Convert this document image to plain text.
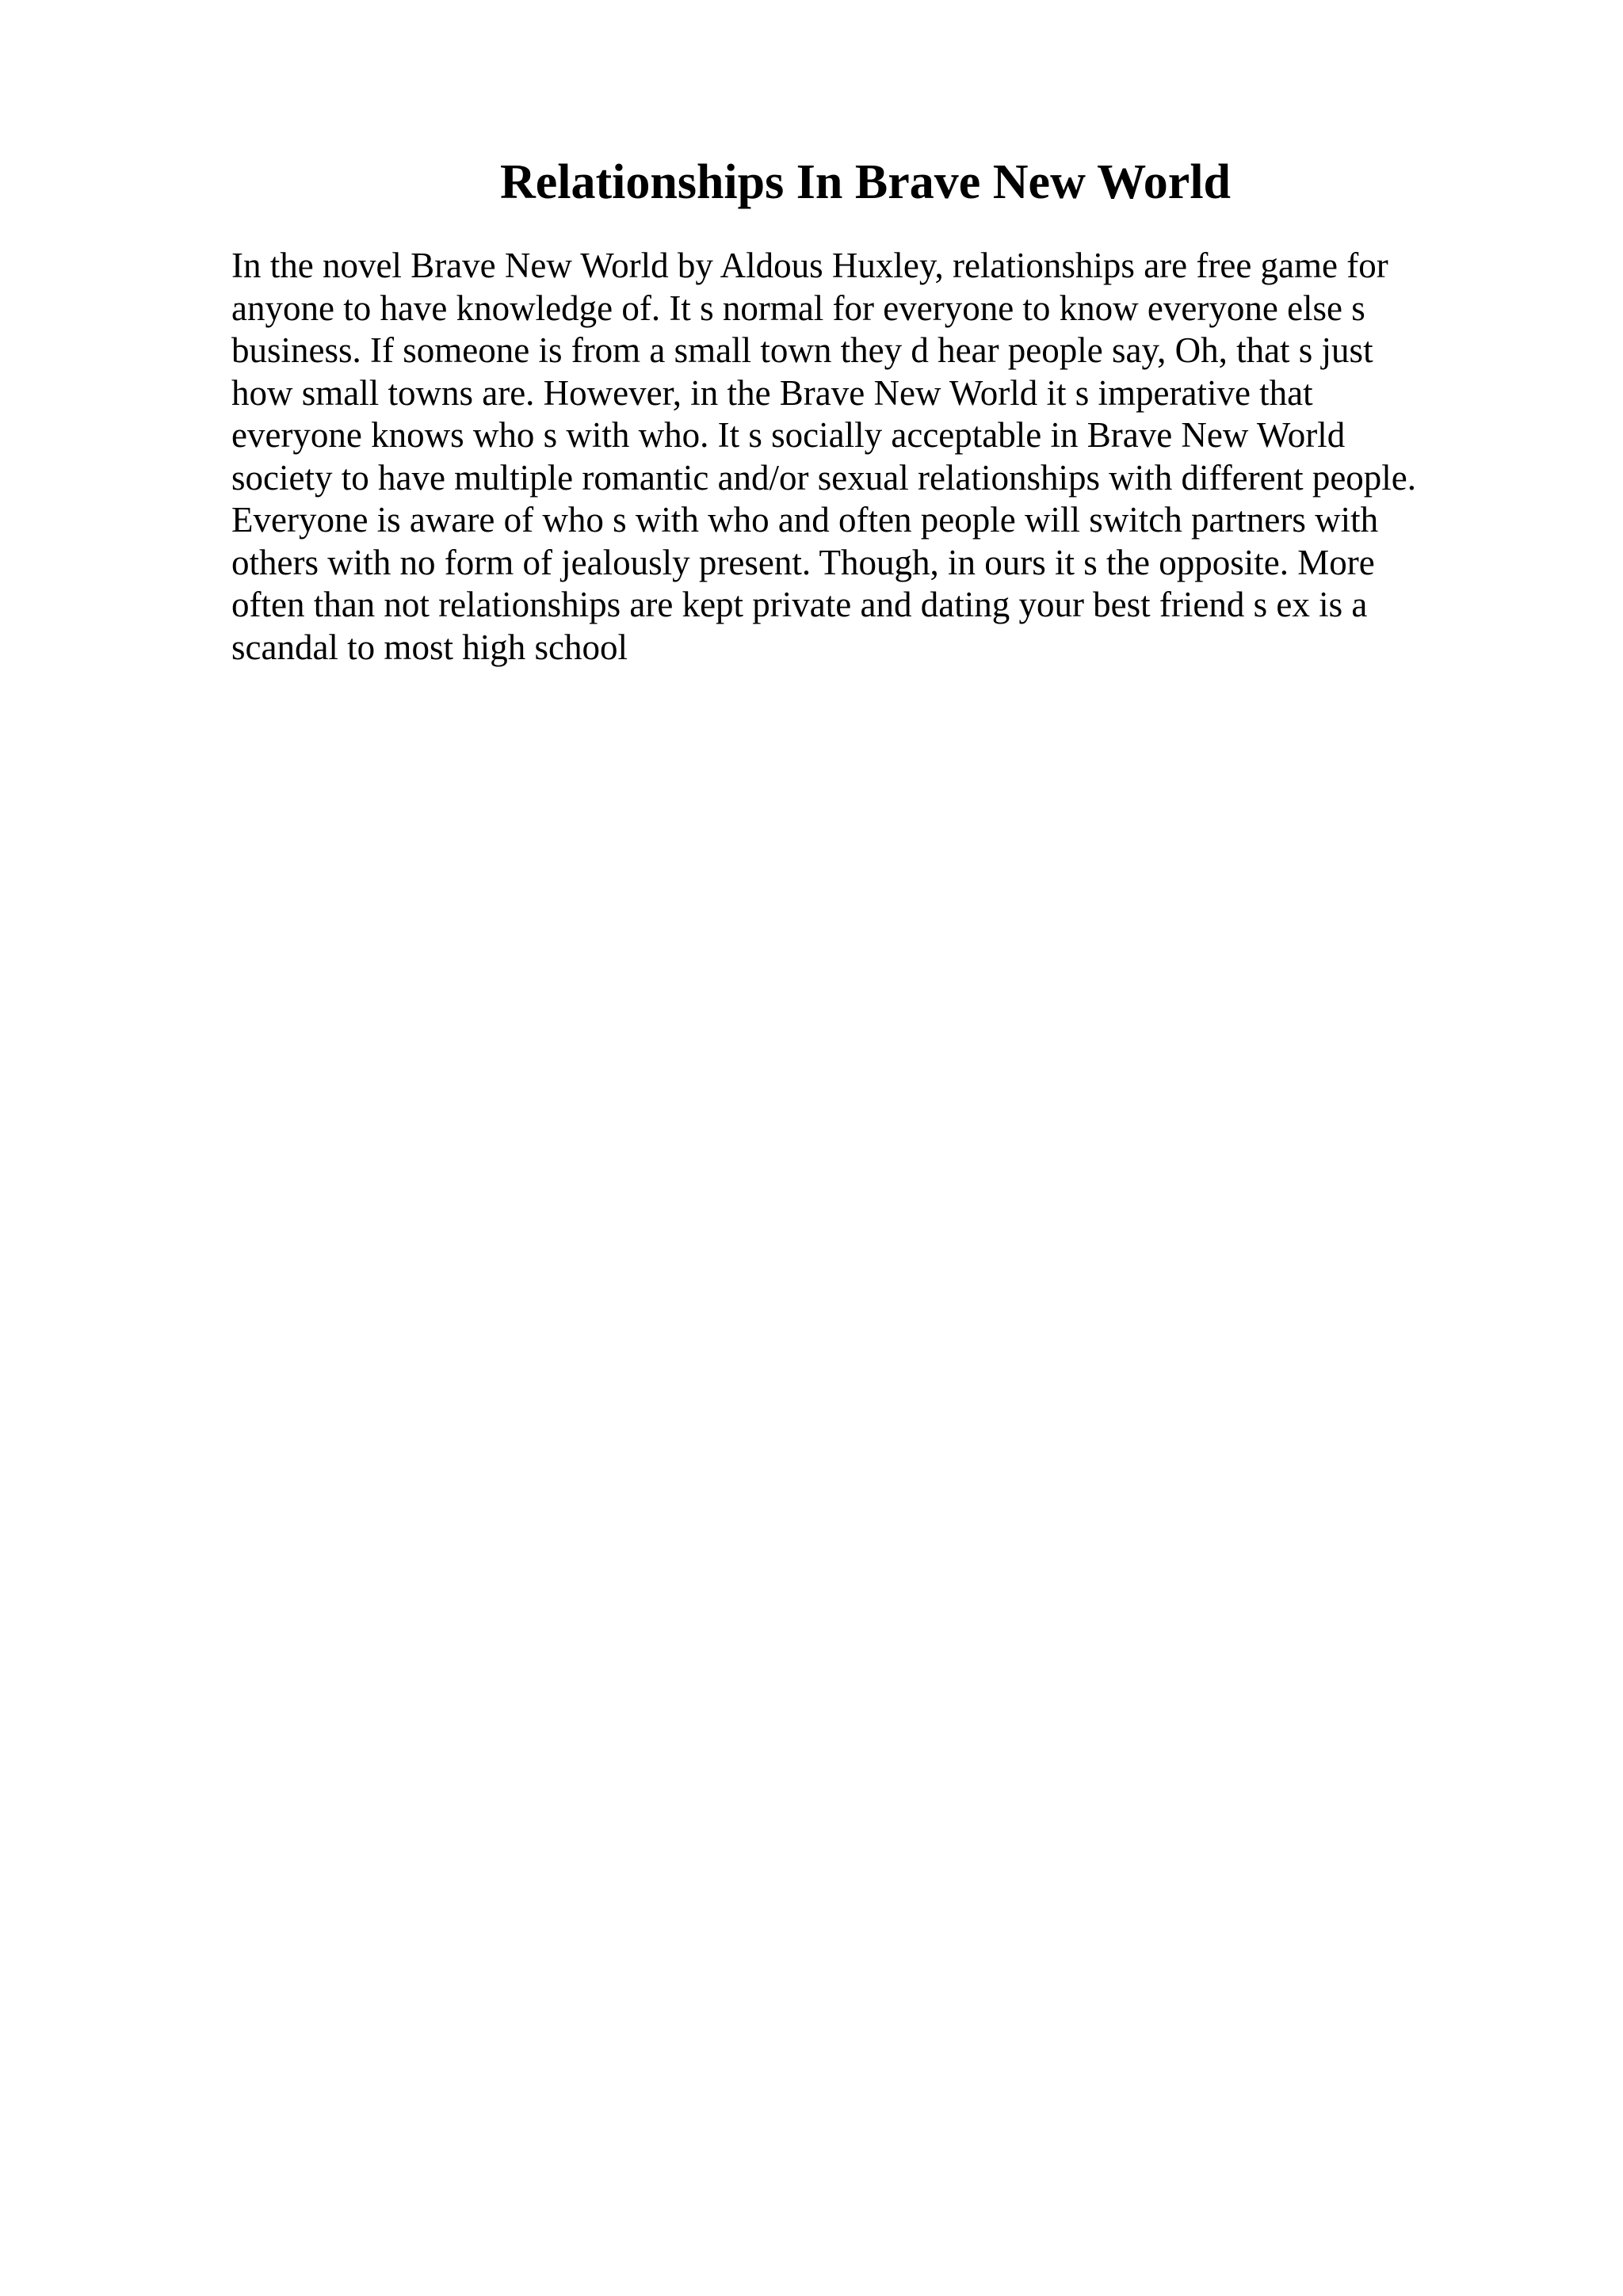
Relationships In Brave New World
In the novel Brave New World by Aldous Huxley, relationships are free game for
anyone to have knowledge of. It s normal for everyone to know everyone else s
business. If someone is from a small town they d hear people say, Oh, that s just
how small towns are. However, in the Brave New World it s imperative that
everyone knows who s with who. It s socially acceptable in Brave New World
society to have multiple romantic and/or sexual relationships with different people.
Everyone is aware of who s with who and often people will switch partners with
others with no form of jealously present. Though, in ours it s the opposite. More
often than not relationships are kept private and dating your best friend s ex is a
scandal to most high school
